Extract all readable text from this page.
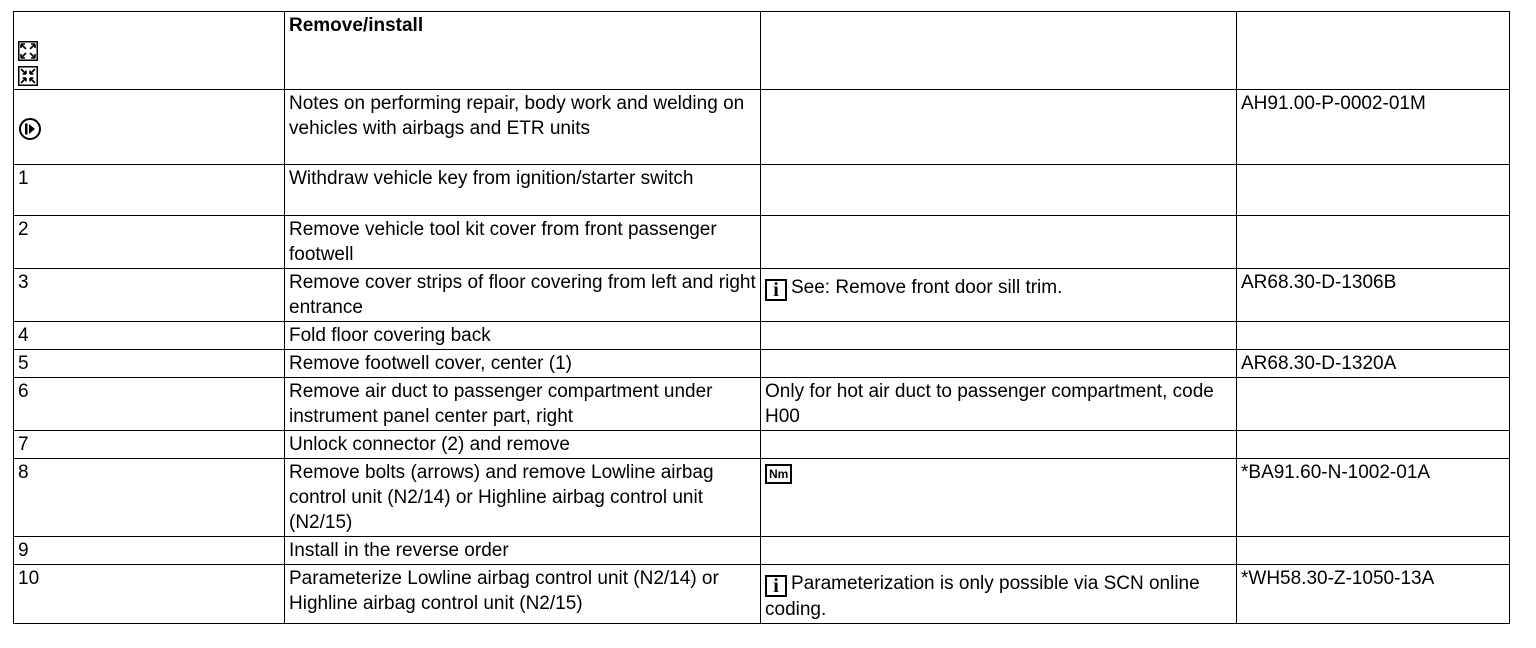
	Remove/install		

	Notes on performing repair, body work and welding on vehicles with airbags and ETR units		AH91.00-P-0002-01M
1	Withdraw vehicle key from ignition/starter switch		
2	Remove vehicle tool kit cover from front passenger footwell		
3	Remove cover strips of floor covering from left and right entrance	i See: Remove front door sill trim.	AR68.30-D-1306B
4	Fold floor covering back		
5	Remove footwell cover, center (1)		AR68.30-D-1320A
6	Remove air duct to passenger compartment under instrument panel center part, right	Only for hot air duct to passenger compartment, code H00	
7	Unlock connector (2) and remove		
8	Remove bolts (arrows) and remove Lowline airbag control unit (N2/14) or Highline airbag control unit (N2/15)	Nm	*BA91.60-N-1002-01A
9	Install in the reverse order		
10	Parameterize Lowline airbag control unit (N2/14) or Highline airbag control unit (N2/15)	i Parameterization is only possible via SCN online coding.	*WH58.30-Z-1050-13A
